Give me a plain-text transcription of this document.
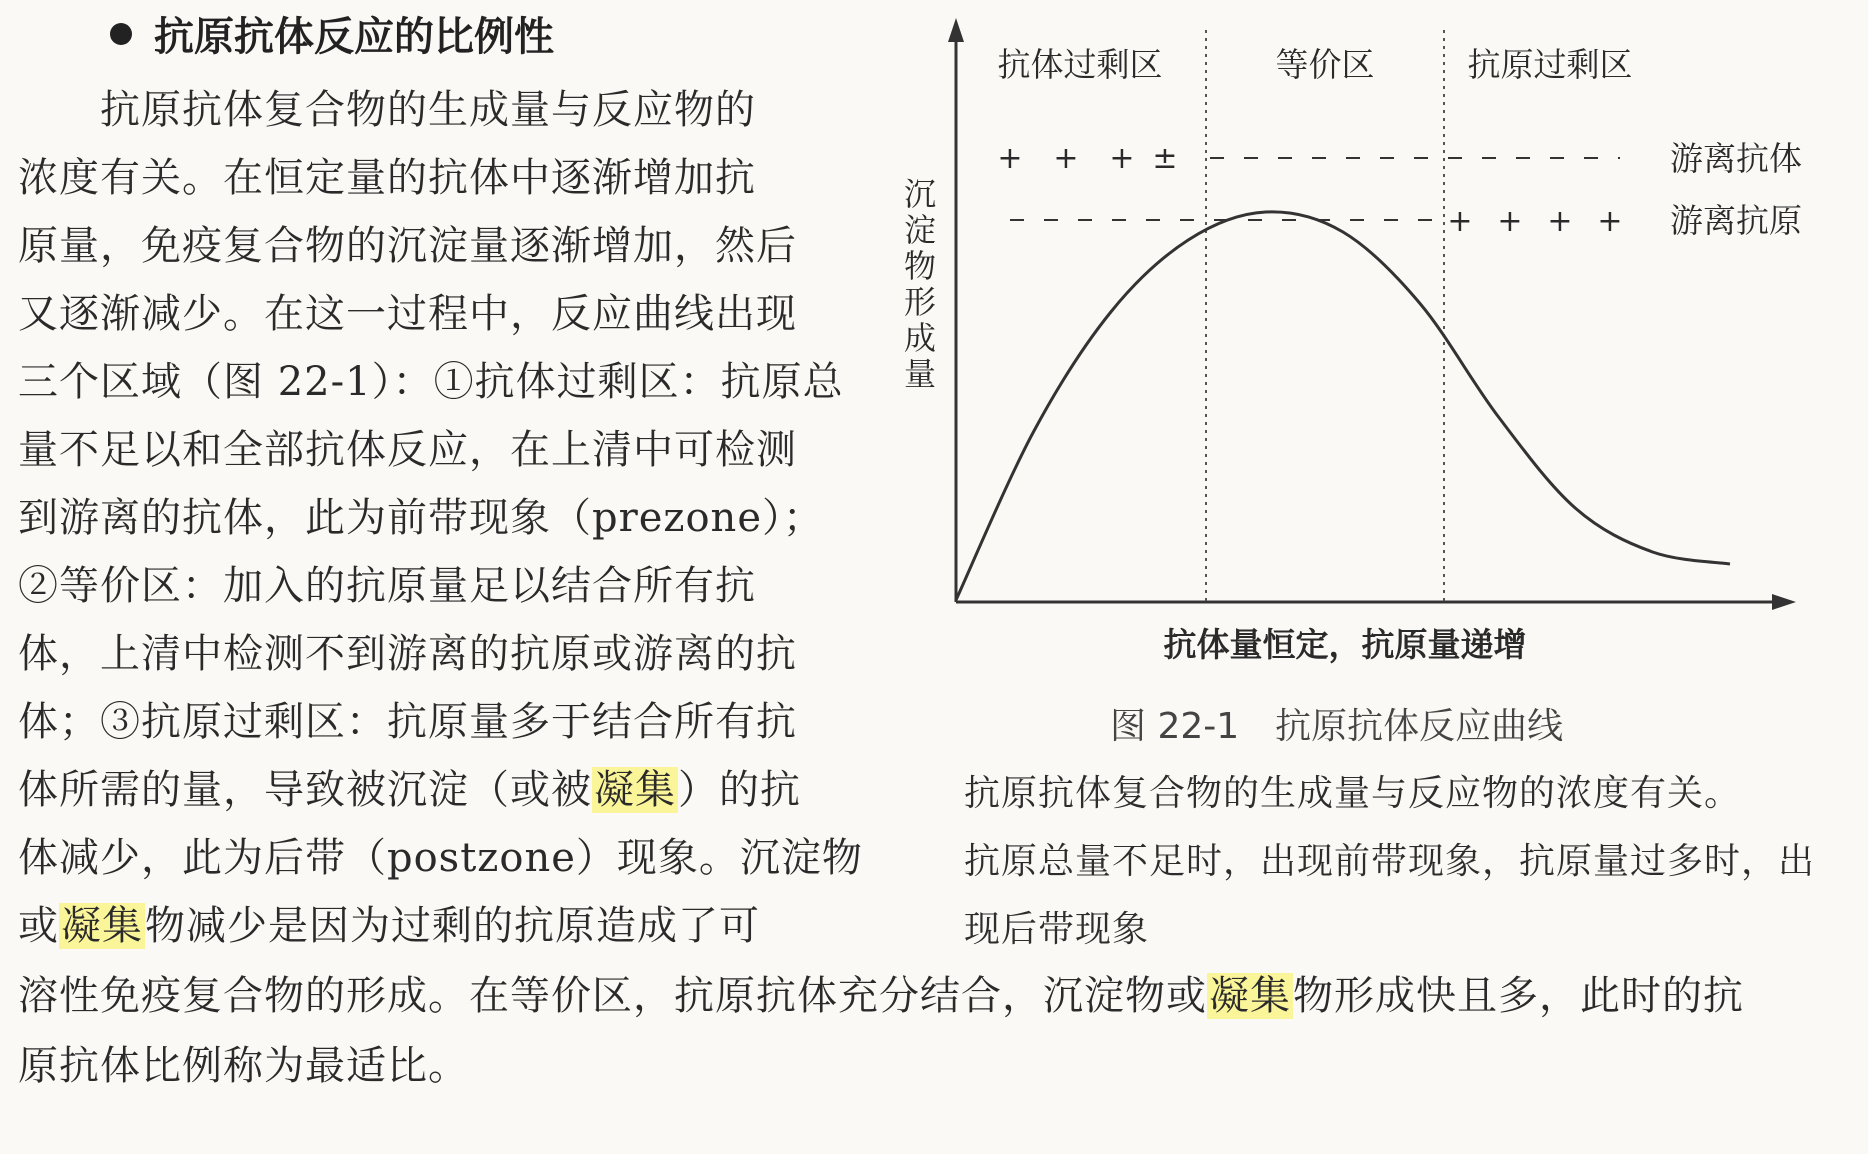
抗原抗体反应的比例性
　　抗原抗体复合物的生成量与反应物的
浓度有关。在恒定量的抗体中逐渐增加抗
原量，免疫复合物的沉淀量逐渐增加，然后
又逐渐减少。在这一过程中，反应曲线出现
三个区域（图 22-1）：①抗体过剩区：抗原总
量不足以和全部抗体反应，在上清中可检测
到游离的抗体，此为前带现象（prezone）；
②等价区：加入的抗原量足以结合所有抗
体，上清中检测不到游离的抗原或游离的抗
体；③抗原过剩区：抗原量多于结合所有抗
体所需的量，导致被沉淀（或被凝集）的抗
体减少，此为后带（postzone）现象。沉淀物
或凝集物减少是因为过剩的抗原造成了可
溶性免疫复合物的形成。在等价区，抗原抗体充分结合，沉淀物或凝集物形成快且多，此时的抗
原抗体比例称为最适比。
抗体过剩区	等价区	抗原过剩区
+ + + ±	游离抗体
+ + + + 游离抗原
沉淀物形成量
抗体量恒定，抗原量递增
图 22-1 抗原抗体反应曲线
抗原抗体复合物的生成量与反应物的浓度有关。
抗原总量不足时，出现前带现象，抗原量过多时，出
现后带现象
